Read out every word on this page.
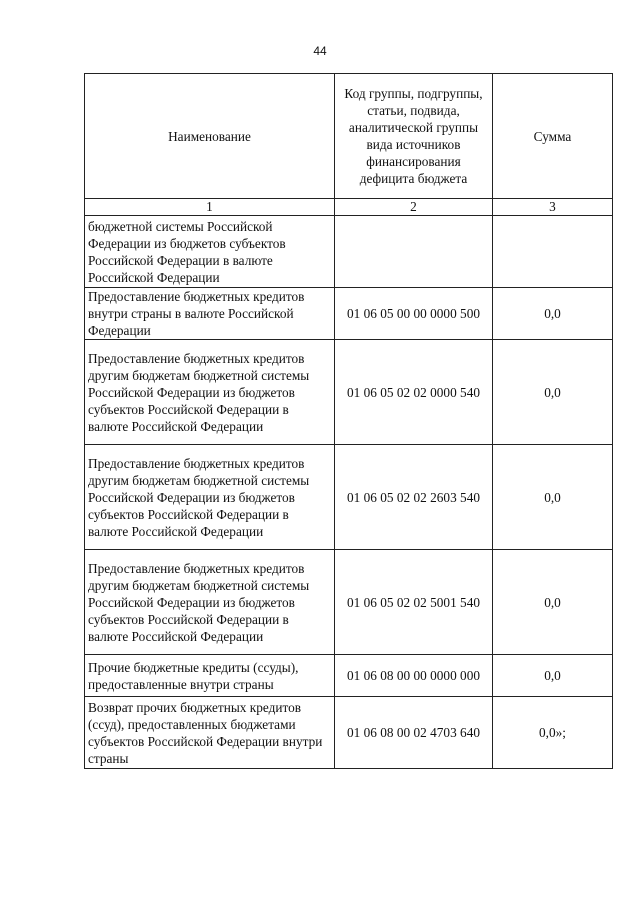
44
Наименование	Код группы, подгруппы, статьи, подвида, аналитической группы вида источников финансирования дефицита бюджета	Сумма
1	2	3
бюджетной системы Российской Федерации из бюджетов субъектов Российской Федерации в валюте Российской Федерации		
Предоставление бюджетных кредитов внутри страны в валюте Российской Федерации	01 06 05 00 00 0000 500	0,0
Предоставление бюджетных кредитов другим бюджетам бюджетной системы Российской Федерации из бюджетов субъектов Российской Федерации в валюте Российской Федерации	01 06 05 02 02 0000 540	0,0
Предоставление бюджетных кредитов другим бюджетам бюджетной системы Российской Федерации из бюджетов субъектов Российской Федерации в валюте Российской Федерации	01 06 05 02 02 2603 540	0,0
Предоставление бюджетных кредитов другим бюджетам бюджетной системы Российской Федерации из бюджетов субъектов Российской Федерации в валюте Российской Федерации	01 06 05 02 02 5001 540	0,0
Прочие бюджетные кредиты (ссуды), предоставленные внутри страны	01 06 08 00 00 0000 000	0,0
Возврат прочих бюджетных кредитов (ссуд), предоставленных бюджетами субъектов Российской Федерации внутри страны	01 06 08 00 02 4703 640	0,0»;
